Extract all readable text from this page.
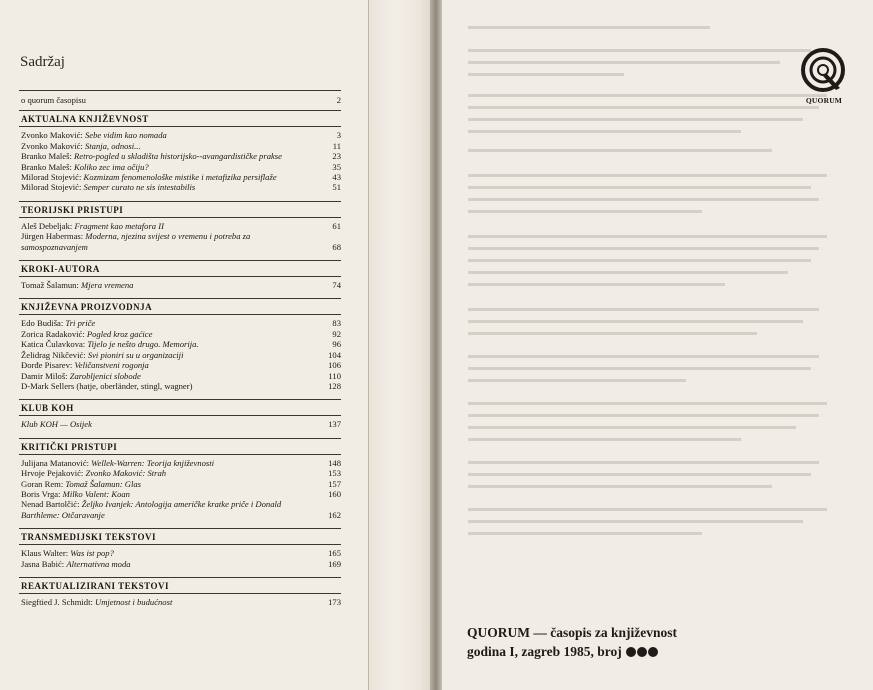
Sadržaj
o quorum časopisu	2
AKTUALNA KNJIŽEVNOST
Zvonko Maković: Sebe vidim kao nomada	3
Zvonko Maković: Stanja, odnosi...	11
Branko Maleš: Retro-pogled u skladišta historijsko--avangardističke prakse	23
Branko Maleš: Koliko zec ima očiju?	35
Milorad Stojević: Kozmizam fenomenološke mistike i metafizika persiflaže	43
Milorad Stojević: Semper curato ne sis intestabilis	51
TEORIJSKI PRISTUPI
Aleš Debeljak: Fragment kao metafora II	61
Jürgen Habermas: Moderna, njezina svijest o vremenu i potreba za samospoznavanjem	68
KROKI-AUTORA
Tomaž Šalamun: Mjera vremena	74
KNJIŽEVNA PROIZVODNJA
Edo Budiša: Tri priče	83
Zorica Radaković: Pogled kroz gaćice	92
Katica Čulavkova: Tijelo je nešto drugo. Memorija.	96
Želidrag Nikčević: Svi pioniri su u organizaciji	104
Đorđe Pisarev: Veličanstveni rogonja	106
Damir Miloš: Zarobljenici slobode	110
D-Mark Sellers (hatje, oberländer, stingl, wagner)	128
KLUB KOH
Klub KOH — Osijek	137
KRITIČKI PRISTUPI
Julijana Matanović: Wellek-Warren: Teorija književnosti	148
Hrvoje Pejaković: Zvonko Maković: Strah	153
Goran Rem: Tomaž Šalamun: Glas	157
Boris Vrga: Milko Valent: Koan	160
Nenad Bartolčić: Željko Ivanjek: Antologija američke kratke priče i Donald Barthleme: Otčaravanje	162
TRANSMEDIJSKI TEKSTOVI
Klaus Walter: Was ist pop?	165
Jasna Babić: Alternativna moda	169
REAKTUALIZIRANI TEKSTOVI
Siegftied J. Schmidt: Umjetnost i budućnost	173
QUORUM
QUORUM — časopis za književnost
godina I, zagreb 1985, broj
